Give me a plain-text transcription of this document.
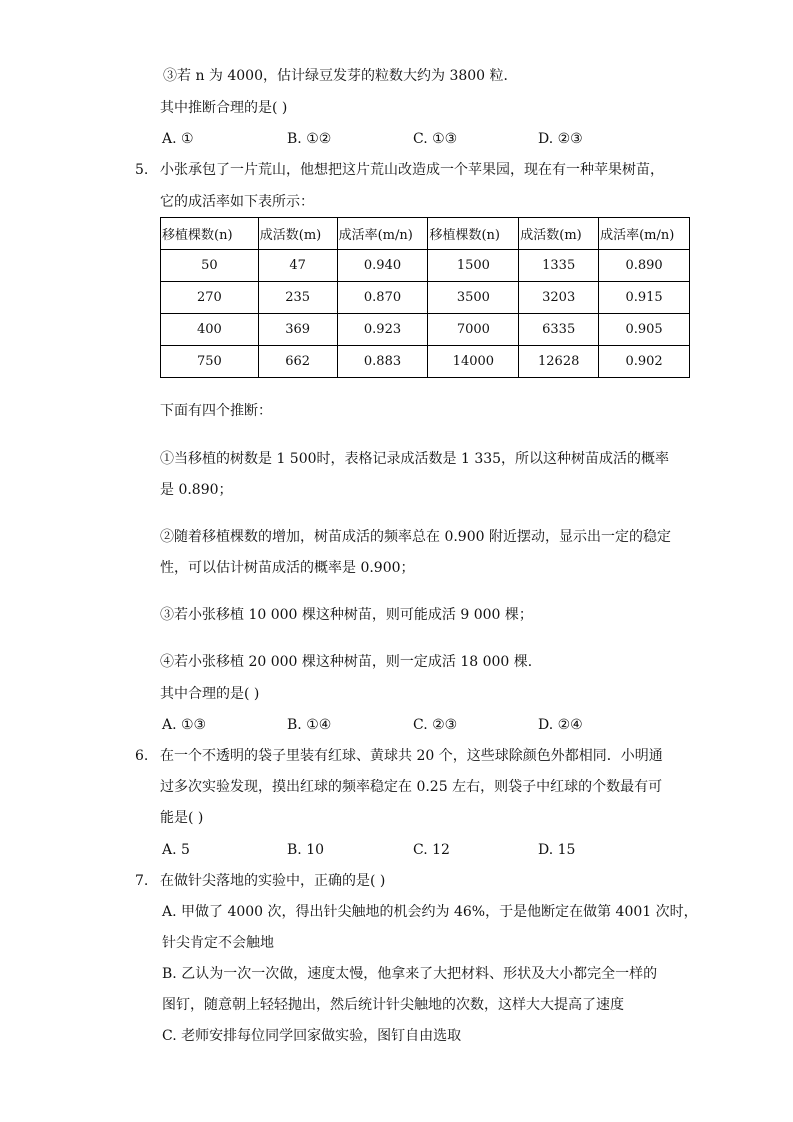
③若 n 为 4000，估计绿豆发芽的粒数大约为 3800 粒．
其中推断合理的是( )
A. ①	B. ①②	C. ①③	D. ②③
5. 小张承包了一片荒山，他想把这片荒山改造成一个苹果园，现在有一种苹果树苗，
它的成活率如下表所示：
移植棵数(n)	成活数(m)	成活率(m/n)	移植棵数(n)	成活数(m)	成活率(m/n)
50	47	0.940	1500	1335	0.890
270	235	0.870	3500	3203	0.915
400	369	0.923	7000	6335	0.905
750	662	0.883	14000	12628	0.902
下面有四个推断：
①当移植的树数是 1 500时，表格记录成活数是 1 335，所以这种树苗成活的概率
是 0.890；
②随着移植棵数的增加，树苗成活的频率总在 0.900 附近摆动，显示出一定的稳定
性，可以估计树苗成活的概率是 0.900；
③若小张移植 10 000 棵这种树苗，则可能成活 9 000 棵；
④若小张移植 20 000 棵这种树苗，则一定成活 18 000 棵．
其中合理的是( )
A. ①③	B. ①④	C. ②③	D. ②④
6. 在一个不透明的袋子里装有红球、黄球共 20 个，这些球除颜色外都相同．小明通
过多次实验发现，摸出红球的频率稳定在 0.25 左右，则袋子中红球的个数最有可
能是( )
A. 5	B. 10	C. 12	D. 15
7. 在做针尖落地的实验中，正确的是( )
A. 甲做了 4000 次，得出针尖触地的机会约为 46%，于是他断定在做第 4001 次时，
针尖肯定不会触地
B. 乙认为一次一次做，速度太慢，他拿来了大把材料、形状及大小都完全一样的
图钉，随意朝上轻轻抛出，然后统计针尖触地的次数，这样大大提高了速度
C. 老师安排每位同学回家做实验，图钉自由选取
